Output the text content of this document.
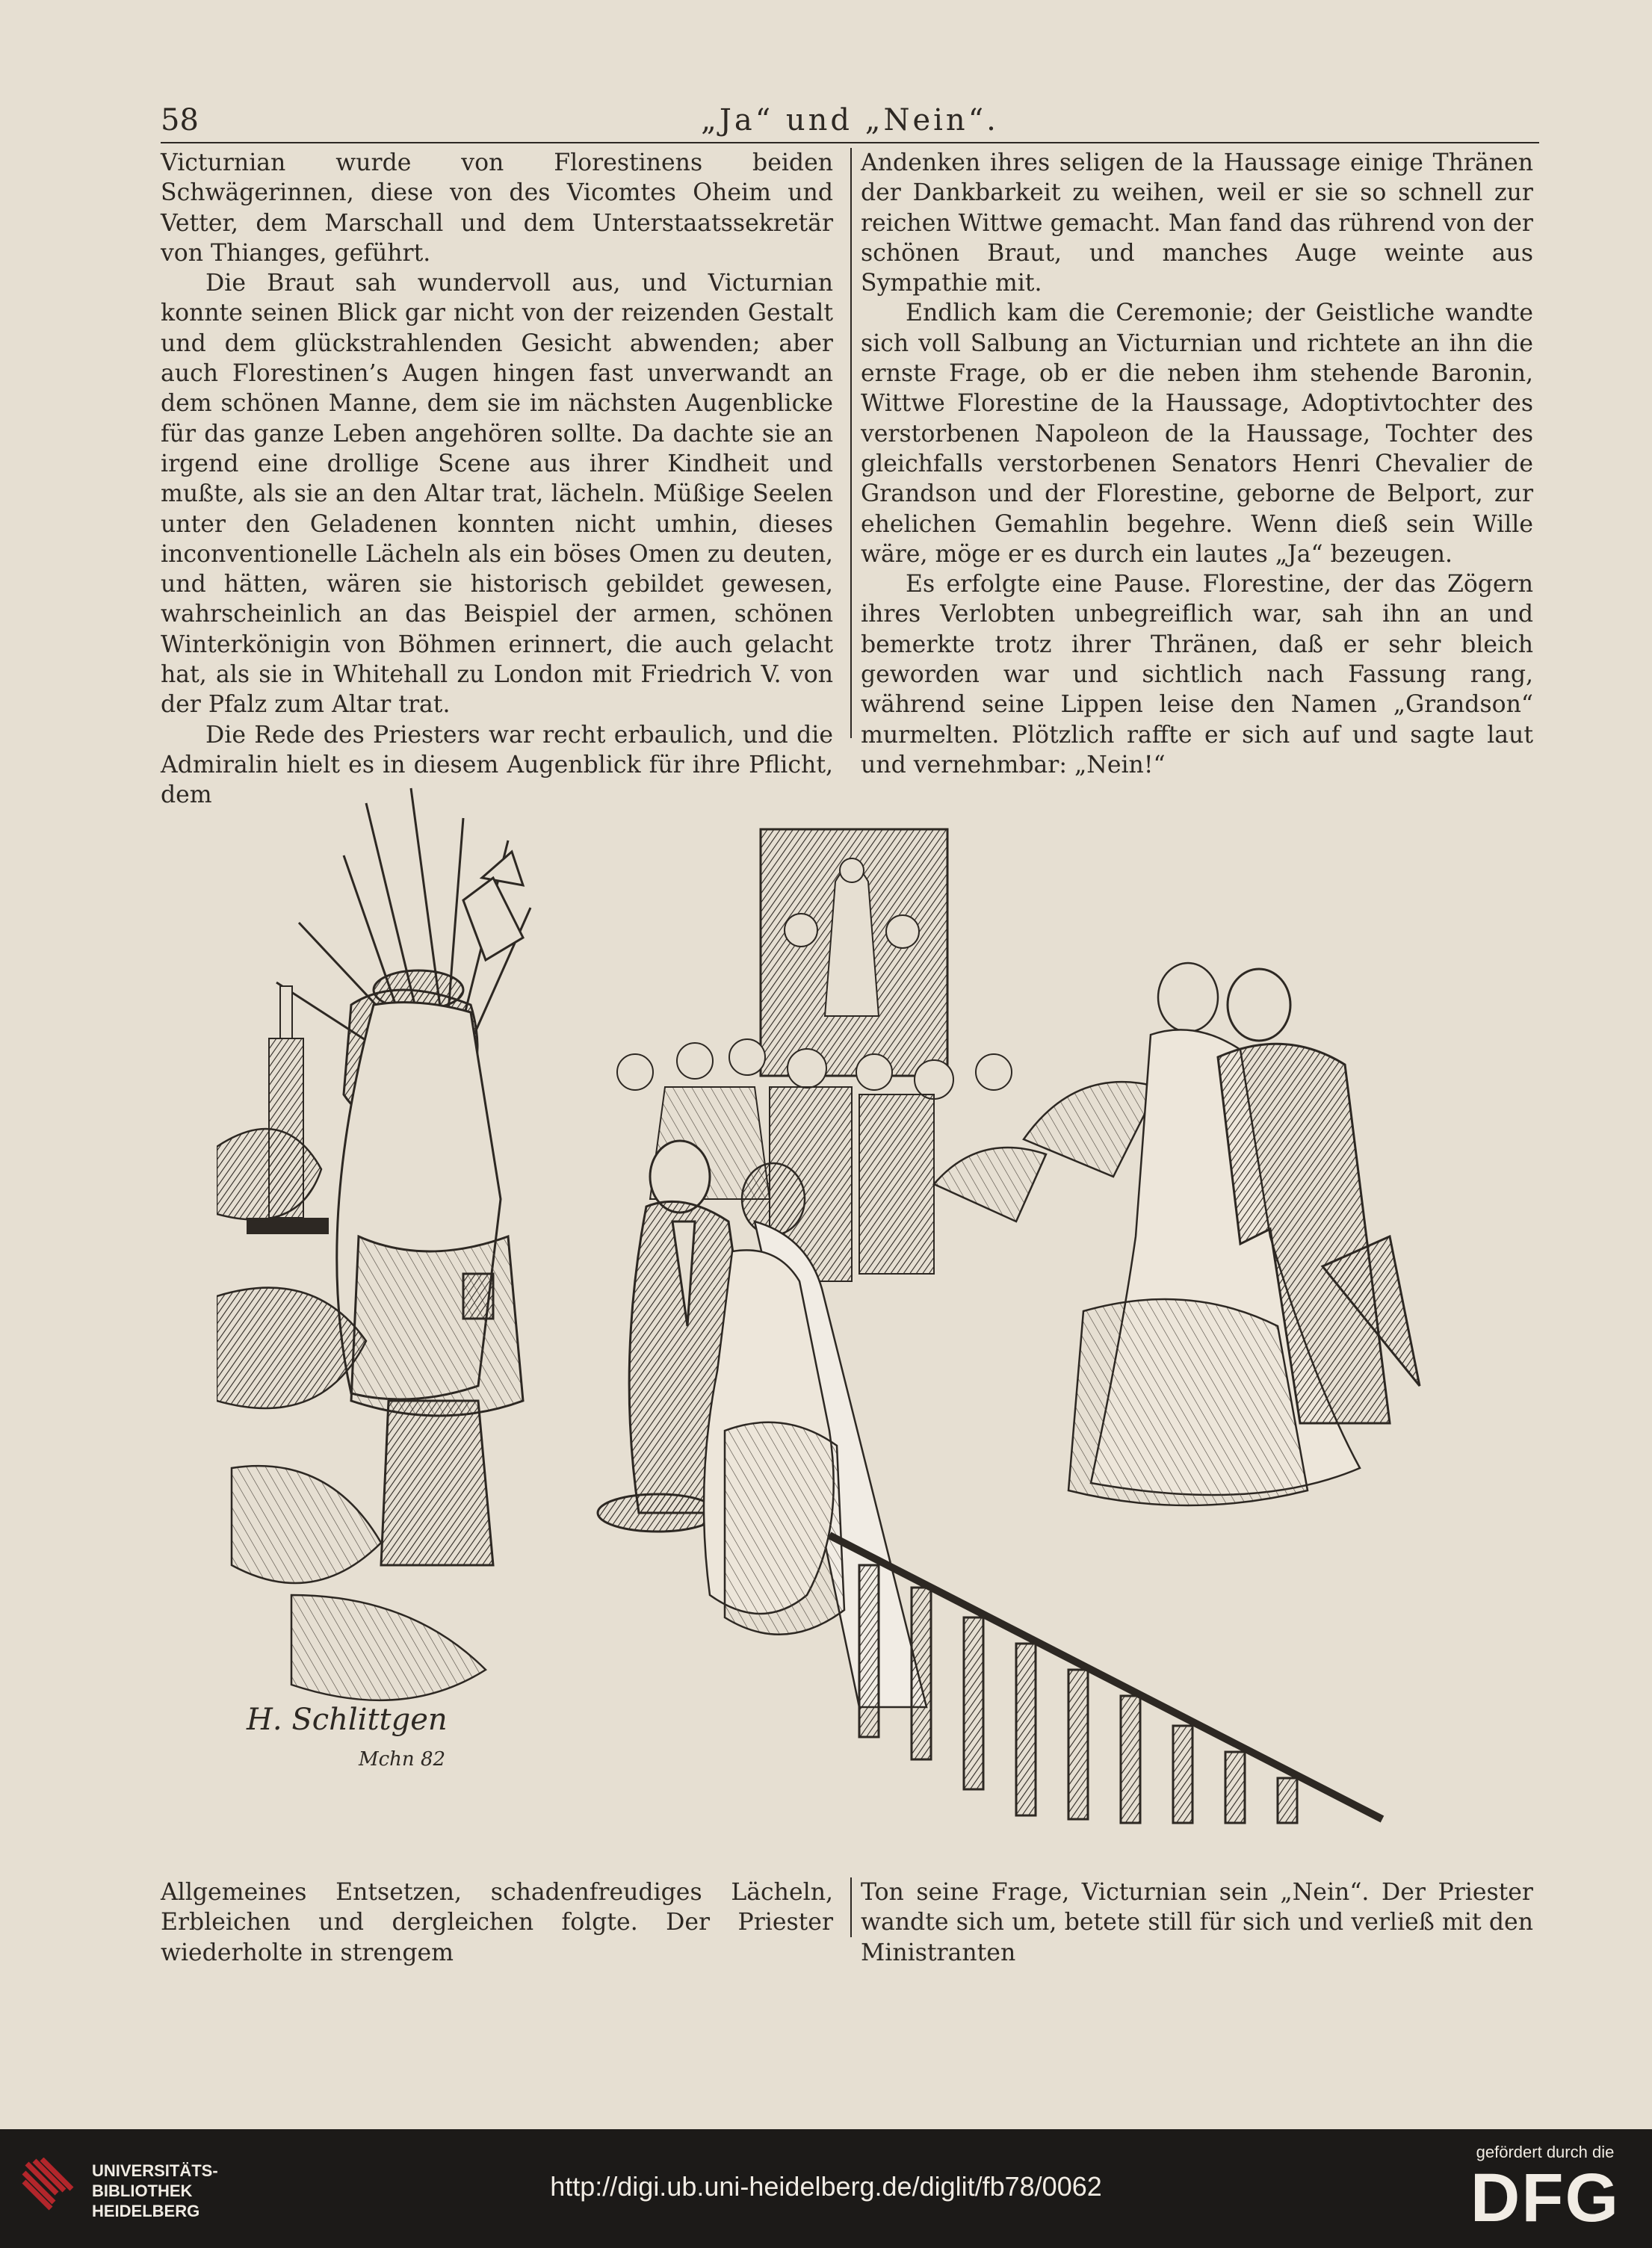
58	„Ja“ und „Nein“.

Victurnian wurde von Florestinens beiden Schwägerinnen, diese von des Vicomtes Oheim und Vetter, dem Marschall und dem Unterstaatssekretär von Thianges, geführt.

Die Braut sah wundervoll aus, und Victurnian konnte seinen Blick gar nicht von der reizenden Gestalt und dem glückstrahlenden Gesicht abwenden; aber auch Florestinen’s Augen hingen fast unverwandt an dem schönen Manne, dem sie im nächsten Augenblicke für das ganze Leben angehören sollte. Da dachte sie an irgend eine drollige Scene aus ihrer Kindheit und mußte, als sie an den Altar trat, lächeln. Müßige Seelen unter den Geladenen konnten nicht umhin, dieses inconventionelle Lächeln als ein böses Omen zu deuten, und hätten, wären sie historisch gebildet gewesen, wahrscheinlich an das Beispiel der armen, schönen Winterkönigin von Böhmen erinnert, die auch gelacht hat, als sie in Whitehall zu London mit Friedrich V. von der Pfalz zum Altar trat.

Die Rede des Priesters war recht erbaulich, und die Admiralin hielt es in diesem Augenblick für ihre Pflicht, dem

Andenken ihres seligen de la Haussage einige Thränen der Dankbarkeit zu weihen, weil er sie so schnell zur reichen Wittwe gemacht. Man fand das rührend von der schönen Braut, und manches Auge weinte aus Sympathie mit.

Endlich kam die Ceremonie; der Geistliche wandte sich voll Salbung an Victurnian und richtete an ihn die ernste Frage, ob er die neben ihm stehende Baronin, Wittwe Florestine de la Haussage, Adoptivtochter des verstorbenen Napoleon de la Haussage, Tochter des gleichfalls verstorbenen Senators Henri Chevalier de Grandson und der Florestine, geborne de Belport, zur ehelichen Gemahlin begehre. Wenn dieß sein Wille wäre, möge er es durch ein lautes „Ja“ bezeugen.

Es erfolgte eine Pause. Florestine, der das Zögern ihres Verlobten unbegreiflich war, sah ihn an und bemerkte trotz ihrer Thränen, daß er sehr bleich geworden war und sichtlich nach Fassung rang, während seine Lippen leise den Namen „Grandson“ murmelten. Plötzlich raffte er sich auf und sagte laut und vernehmbar: „Nein!“

H. Schlittgen
Mchn 82

Allgemeines Entsetzen, schadenfreudiges Lächeln, Erbleichen und dergleichen folgte. Der Priester wiederholte in strengem

Ton seine Frage, Victurnian sein „Nein“. Der Priester wandte sich um, betete still für sich und verließ mit den Ministranten

UNIVERSITÄTS-
BIBLIOTHEK
HEIDELBERG
http://digi.ub.uni-heidelberg.de/diglit/fb78/0062
gefördert durch die
DFG
